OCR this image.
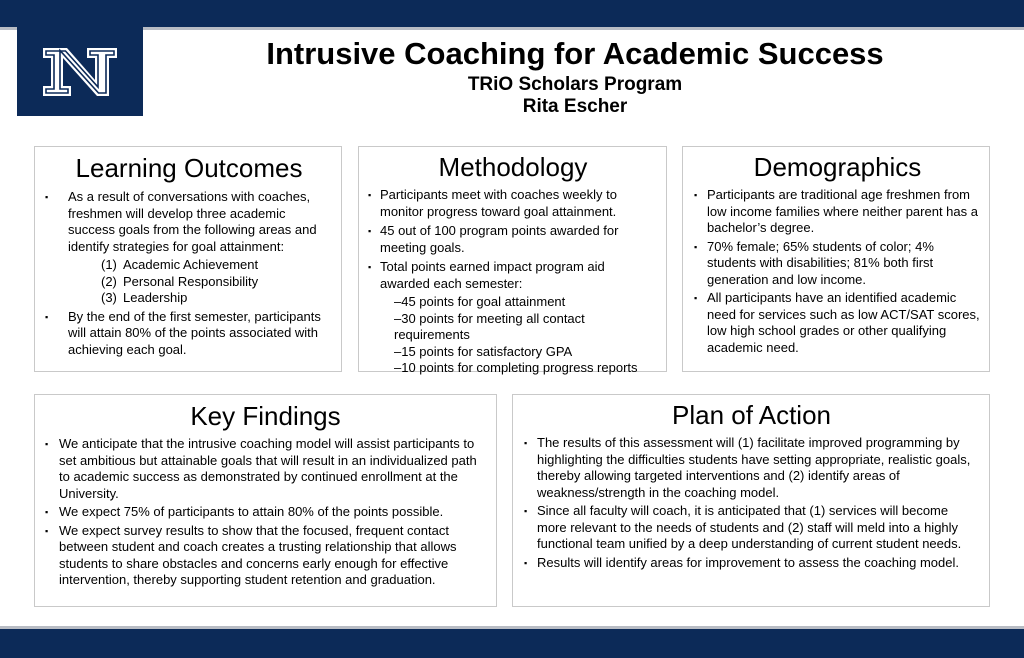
Intrusive Coaching for Academic Success
TRiO Scholars Program
Rita Escher
Learning Outcomes
▪ As a result of conversations with coaches, freshmen will develop three academic success goals from the following areas and identify strategies for goal attainment:
(1) Academic Achievement
(2) Personal Responsibility
(3) Leadership
▪ By the end of the first semester, participants will attain 80% of the points associated with achieving each goal.
Methodology
▪ Participants meet with coaches weekly to monitor progress toward goal attainment.
▪ 45 out of 100 program points awarded for meeting goals.
▪ Total points earned impact program aid awarded each semester:
–45 points for goal attainment
–30 points for meeting all contact requirements
–15 points for satisfactory GPA
–10 points for completing progress reports
Demographics
▪ Participants are traditional age freshmen from low income families where neither parent has a bachelor’s degree.
▪ 70% female; 65% students of color; 4% students with disabilities; 81% both first generation and low income.
▪ All participants have an identified academic need for services such as low ACT/SAT scores, low high school grades or other qualifying academic need.
Key Findings
▪ We anticipate that the intrusive coaching model will assist participants to set ambitious but attainable goals that will result in an individualized path to academic success as demonstrated by continued enrollment at the University.
▪ We expect 75% of participants to attain 80% of the points possible.
▪ We expect survey results to show that the focused, frequent contact between student and coach creates a trusting relationship that allows students to share obstacles and concerns early enough for effective intervention, thereby supporting student retention and graduation.
Plan of Action
▪ The results of this assessment will (1) facilitate improved programming by highlighting the difficulties students have setting appropriate, realistic goals, thereby allowing targeted interventions and (2) identify areas of weakness/strength in the coaching model.
▪ Since all faculty will coach, it is anticipated that (1) services will become more relevant to the needs of students and (2) staff will meld into a highly functional team unified by a deep understanding of current student needs.
▪ Results will identify areas for improvement to assess the coaching model.
